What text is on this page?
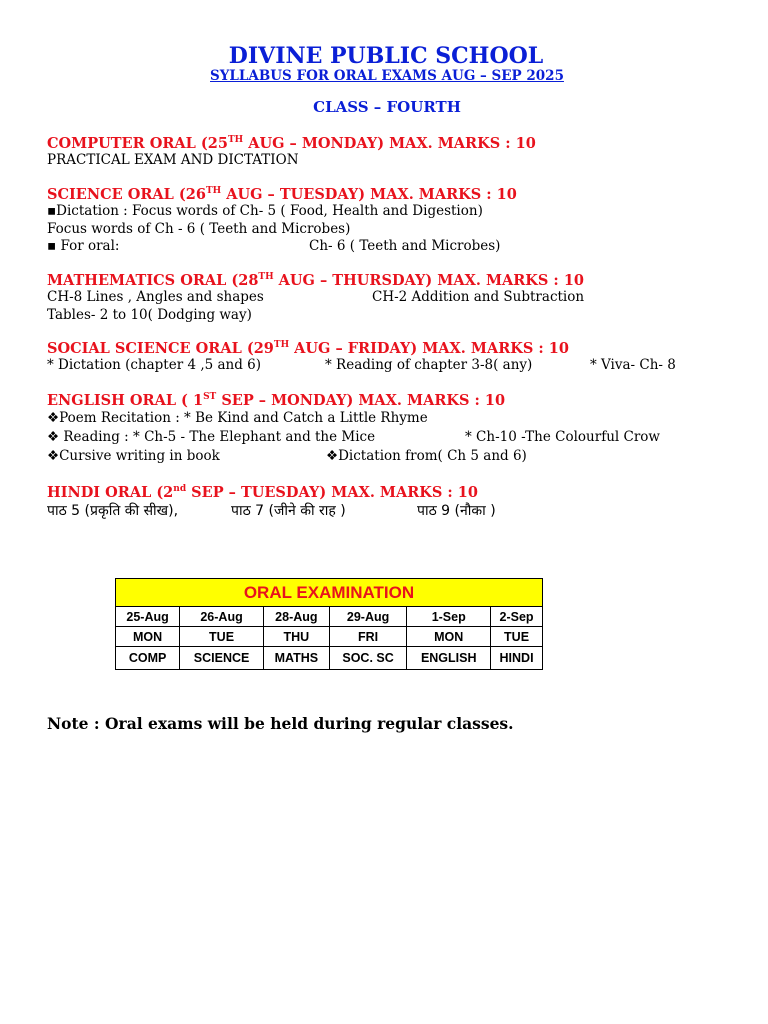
DIVINE PUBLIC SCHOOL
SYLLABUS FOR ORAL EXAMS AUG – SEP 2025
CLASS – FOURTH
COMPUTER ORAL (25TH AUG – MONDAY) MAX. MARKS : 10
PRACTICAL EXAM AND DICTATION
SCIENCE ORAL (26TH AUG – TUESDAY) MAX. MARKS : 10
▪Dictation : Focus words of Ch- 5 ( Food, Health and Digestion)
Focus words of Ch - 6 ( Teeth and Microbes)
▪ For oral:	Ch- 6 ( Teeth and Microbes)
MATHEMATICS ORAL (28TH AUG – THURSDAY) MAX. MARKS : 10
CH-8 Lines , Angles and shapes	CH-2 Addition and Subtraction
Tables- 2 to 10( Dodging way)
SOCIAL SCIENCE ORAL (29TH AUG – FRIDAY) MAX. MARKS : 10
* Dictation (chapter 4 ,5 and 6)	* Reading of chapter 3-8( any)	* Viva- Ch- 8
ENGLISH ORAL ( 1ST SEP – MONDAY) MAX. MARKS : 10
❖Poem Recitation : * Be Kind and Catch a Little Rhyme
❖ Reading : * Ch-5 - The Elephant and the Mice	* Ch-10 -The Colourful Crow
❖Cursive writing in book	❖Dictation from( Ch 5 and 6)
HINDI ORAL (2nd SEP – TUESDAY) MAX. MARKS : 10
पाठ 5 (प्रकृति की सीख),	पाठ 7 (जीने की राह )	पाठ 9 (नौका )
ORAL EXAMINATION					
25-Aug	26-Aug	28-Aug	29-Aug	1-Sep	2-Sep
MON	TUE	THU	FRI	MON	TUE
COMP	SCIENCE	MATHS	SOC. SC	ENGLISH	HINDI
Note : Oral exams will be held during regular classes.
